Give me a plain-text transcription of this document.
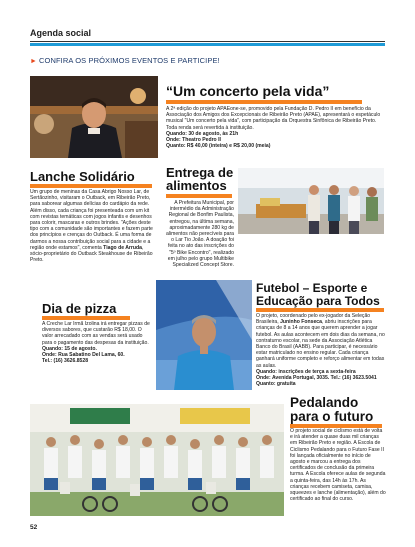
Agenda social
► CONFIRA OS PRÓXIMOS EVENTOS E PARTICIPE!
“Um concerto pela vida”
A 2ª edição do projeto APAEone-se, promovido pela Fundação D. Pedro II em benefício da Associação dos Amigos dos Excepcionais de Ribeirão Preto (APAE), apresentará o espetáculo musical "Um concerto pela vida", com participação da Orquestra Sinfônica de Ribeirão Preto. Toda renda será revertida à instituição.
Quando: 30 de agosto, às 21h
Onde: Theatro Pedro II
Quanto: R$ 40,00 (inteira) e R$ 20,00 (meia)
Lanche Solidário
Um grupo de meninas da Casa Abrigo Nosso Lar, de Sertãozinho, visitaram o Outback, em Ribeirão Preto, para saborear algumas delícias do cardápio da rede. Além disso, cada criança foi presenteada com um kit com revistas temáticas com jogos infantis e desenhos para colorir, mascaras e outros brindes. "Ações deste tipo com a comunidade são importantes e fazem parte dos princípios e crenças do Outback. É uma forma de darmos a nossa contribuição social para a cidade e a região onde estamos", comenta Tiago de Arruda, sócio-proprietário do Outback Steakhouse de Ribeirão Preto.
Entrega de alimentos
A Prefeitura Municipal, por intermédio da Administração Regional de Bonfim Paulista, entregou, na última semana, aproximadamente 280 kg de alimentos não perecíveis para o Lar Tio João. A doação foi feita no ato das inscrições do "5º Bike Encontro", realizado em julho pelo grupo Multibike Specialized Concept Store.
Dia de pizza
A Creche Lar Irmã Izolina irá entregar pizzas de diversos sabores, que custarão R$ 18,00. O valor arrecadado com as vendas será usado para o pagamento das despesas da instituição.
Quando: 15 de agosto.
Onde: Rua Sabatino Del Lama, 60.
Tel.: (16) 3626.8528
Futebol – Esporte e Educação para Todos
O projeto, coordenado pelo ex-jogador da Seleção Brasileira, Juninho Fonseca, abriu inscrições para crianças de 8 a 14 anos que querem aprender a jogar futebol. As aulas acontecem em dois dias da semana, no contraturno escolar, na sede da Associação Atlética Banco do Brasil (AABB). Para participar, é necessário estar matriculado no ensino regular. Cada criança ganhará uniforme completo e reforço alimentar em todas as aulas.
Quando: inscrições de terça a sexta-feira
Onde: Avenida Portugal, 3035. Tel.: (16) 3623.5041
Quanto: gratuita
Pedalando para o futuro
O projeto social de ciclismo está de volta e irá atender a quase duas mil crianças em Ribeirão Preto e região. A Escola de Ciclismo Pedalando para o Futuro Fase II foi lançada oficialmente no início de agosto e marcou a entrega dos certificados de conclusão da primeira turma. A Escola oferece aulas de segunda a quinta-feira, das 14h às 17h. As crianças recebem camiseta, camisa, squeezes e lanche (alimentação), além do certificado ao final do curso.
52
